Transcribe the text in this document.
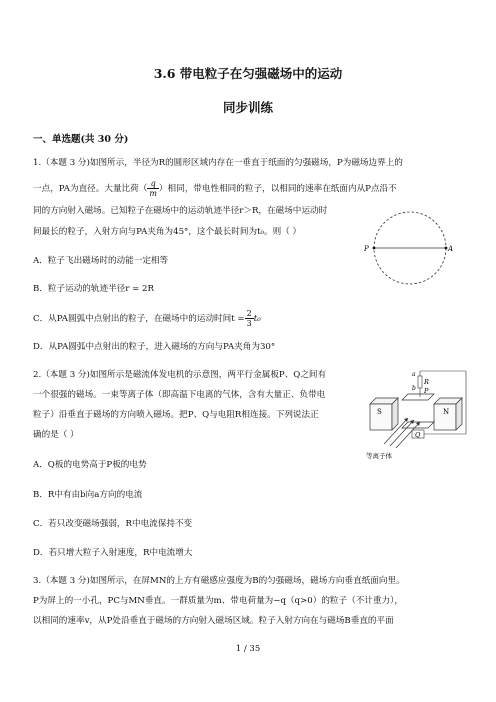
3.6 带电粒子在匀强磁场中的运动
同步训练
一、单选题(共 30 分)
1.（本题 3 分)如图所示，半径为R的圆形区域内存在一垂直于纸面的匀强磁场，P为磁场边界上的
一点，PA为直径。大量比荷（ $\frac{q}{m}$ ）相同，带电性相同的粒子，以相同的速率在纸面内从P点沿不
同的方向射入磁场。已知粒子在磁场中的运动轨迹半径r＞R，在磁场中运动时
间最长的粒子，入射方向与PA夹角为45°，这个最长时间为t₀。则（ ）
A．粒子飞出磁场时的动能一定相等
B．粒子运动的轨迹半径r = 2R
C．从PA圆弧中点射出的粒子，在磁场中的运动时间$t = \frac{2}{3} t_0$
D．从PA圆弧中点射出的粒子，进入磁场的方向与PA夹角为30°
P	A
2.（本题 3 分)如图所示是磁流体发电机的示意图，两平行金属板P、Q之间有
一个很强的磁场。一束等离子体（即高温下电离的气体，含有大量正、负带电
粒子）沿垂直于磁场的方向喷入磁场。把P、Q与电阻R相连接。下列说法正
确的是（ ）
A．Q板的电势高于P板的电势
B．R中有由b向a方向的电流
C．若只改变磁场强弱，R中电流保持不变
D．若只增大粒子入射速度，R中电流增大
S	N
P
Q
R
a
b
等离子体
3.（本题 3 分)如图所示，在屏MN的上方有磁感应强度为B的匀强磁场，磁场方向垂直纸面向里。
P为屏上的一小孔，PC与MN垂直。一群质量为m、带电荷量为−q（q>0）的粒子（不计重力），
以相同的速率v，从P处沿垂直于磁场的方向射入磁场区域。粒子入射方向在与磁场B垂直的平面
1 / 35
